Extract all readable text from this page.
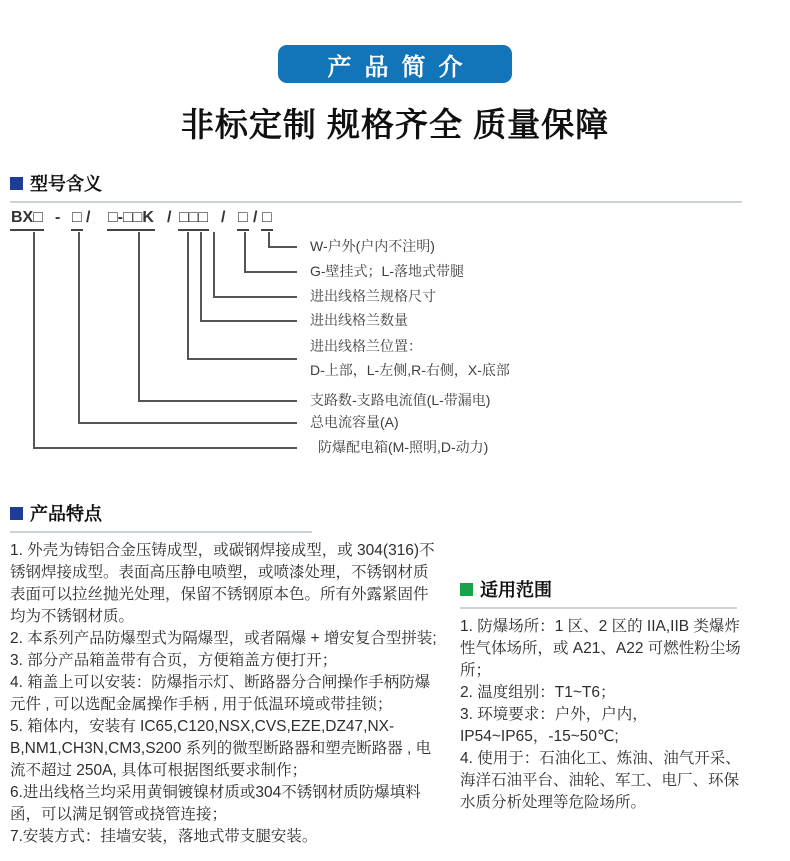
产品简介
非标定制 规格齐全 质量保障
型号含义
BX□ - □ / □-□□K / □□□ / □ / □
W-户外(户内不注明)
G-壁挂式；L-落地式带腿
进出线格兰规格尺寸
进出线格兰数量
进出线格兰位置：
D-上部，L-左侧,R-右侧，X-底部
支路数-支路电流值(L-带漏电)
总电流容量(A)
防爆配电箱(M-照明,D-动力)
产品特点

1. 外壳为铸铝合金压铸成型，或碳钢焊接成型，或 304(316)不锈钢焊接成型。表面高压静电喷塑，或喷漆处理，不锈钢材质表面可以拉丝抛光处理，保留不锈钢原本色。所有外露紧固件均为不锈钢材质。

2. 本系列产品防爆型式为隔爆型，或者隔爆 + 增安复合型拼装;

3. 部分产品箱盖带有合页，方便箱盖方便打开；

4. 箱盖上可以安装：防爆指示灯、断路器分合闸操作手柄防爆元件 , 可以选配金属操作手柄 , 用于低温环境或带挂锁；

5. 箱体内，安装有 IC65,C120,NSX,CVS,EZE,DZ47,NX-B,NM1,CH3N,CM3,S200 系列的微型断路器和塑壳断路器 , 电流不超过 250A, 具体可根据图纸要求制作；

6.进出线格兰均采用黄铜镀镍材质或304不锈钢材质防爆填料函，可以满足钢管或挠管连接；

7.安装方式：挂墙安装，落地式带支腿安装。

适用范围

1. 防爆场所：1 区、2 区的 IIA,IIB 类爆炸性气体场所，或 A21、A22 可燃性粉尘场所；

2. 温度组别：T1~T6；

3. 环境要求：户外，户内，IP54~IP65，-15~50℃;

4. 使用于：石油化工、炼油、油气开采、海洋石油平台、油轮、军工、电厂、环保水质分析处理等危险场所。
